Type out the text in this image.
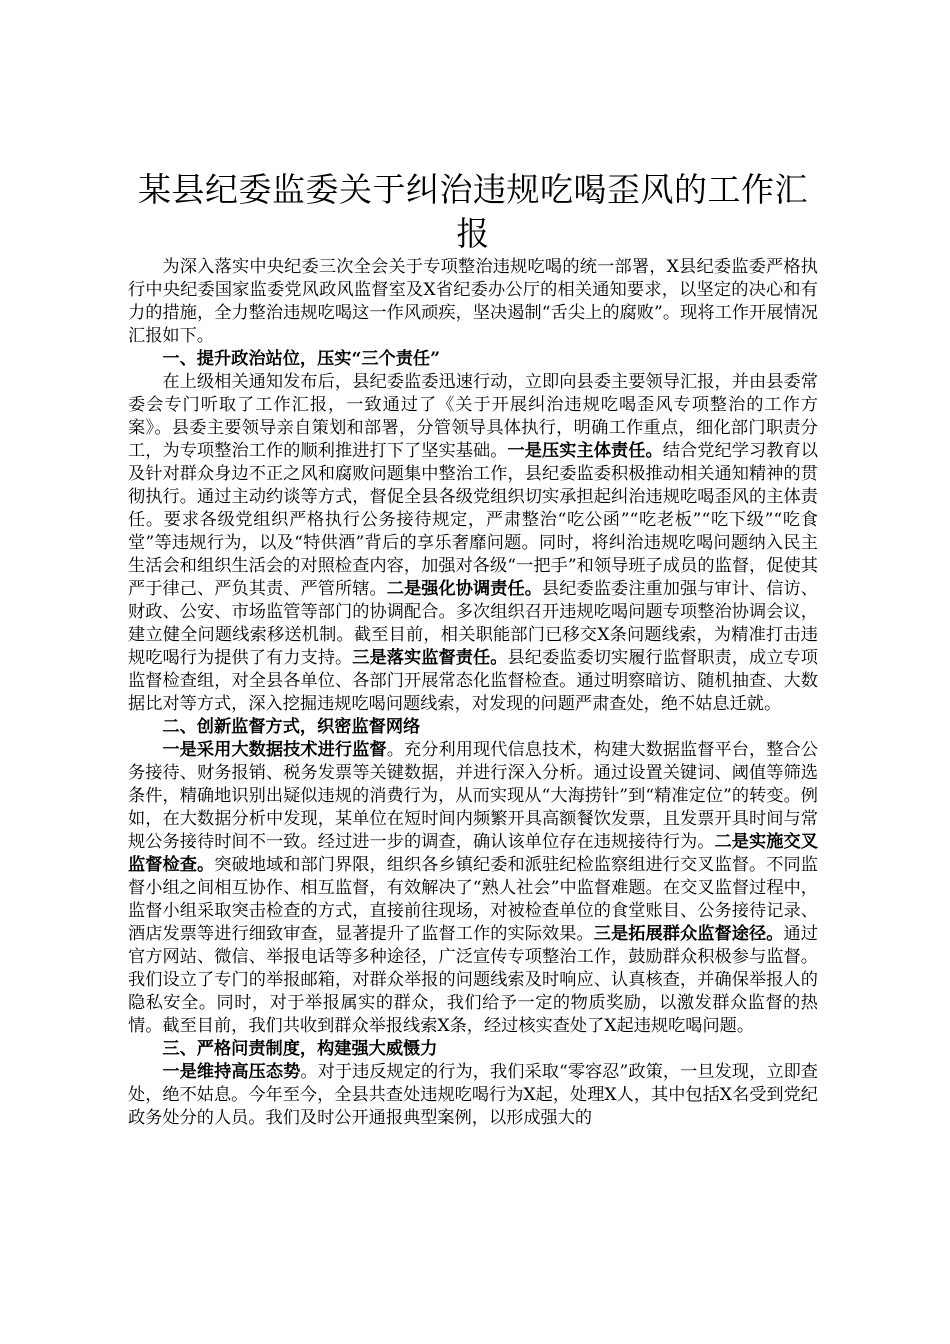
某县纪委监委关于纠治违规吃喝歪风的工作汇报

为深入落实中央纪委三次全会关于专项整治违规吃喝的统一部署，X县纪委监委严格执行中央纪委国家监委党风政风监督室及X省纪委办公厅的相关通知要求，以坚定的决心和有力的措施，全力整治违规吃喝这一作风顽疾，坚决遏制“舌尖上的腐败”。现将工作开展情况汇报如下。

一、提升政治站位，压实“三个责任”

在上级相关通知发布后，县纪委监委迅速行动，立即向县委主要领导汇报，并由县委常委会专门听取了工作汇报，一致通过了《关于开展纠治违规吃喝歪风专项整治的工作方案》。县委主要领导亲自策划和部署，分管领导具体执行，明确工作重点，细化部门职责分工，为专项整治工作的顺利推进打下了坚实基础。一是压实主体责任。结合党纪学习教育以及针对群众身边不正之风和腐败问题集中整治工作，县纪委监委积极推动相关通知精神的贯彻执行。通过主动约谈等方式，督促全县各级党组织切实承担起纠治违规吃喝歪风的主体责任。要求各级党组织严格执行公务接待规定，严肃整治“吃公函”“吃老板”“吃下级”“吃食堂”等违规行为，以及“特供酒”背后的享乐奢靡问题。同时，将纠治违规吃喝问题纳入民主生活会和组织生活会的对照检查内容，加强对各级“一把手”和领导班子成员的监督，促使其严于律己、严负其责、严管所辖。二是强化协调责任。县纪委监委注重加强与审计、信访、财政、公安、市场监管等部门的协调配合。多次组织召开违规吃喝问题专项整治协调会议，建立健全问题线索移送机制。截至目前，相关职能部门已移交X条问题线索，为精准打击违规吃喝行为提供了有力支持。三是落实监督责任。县纪委监委切实履行监督职责，成立专项监督检查组，对全县各单位、各部门开展常态化监督检查。通过明察暗访、随机抽查、大数据比对等方式，深入挖掘违规吃喝问题线索，对发现的问题严肃查处，绝不姑息迁就。

二、创新监督方式，织密监督网络

一是采用大数据技术进行监督。充分利用现代信息技术，构建大数据监督平台，整合公务接待、财务报销、税务发票等关键数据，并进行深入分析。通过设置关键词、阈值等筛选条件，精确地识别出疑似违规的消费行为，从而实现从“大海捞针”到“精准定位”的转变。例如，在大数据分析中发现，某单位在短时间内频繁开具高额餐饮发票，且发票开具时间与常规公务接待时间不一致。经过进一步的调查，确认该单位存在违规接待行为。二是实施交叉监督检查。突破地域和部门界限，组织各乡镇纪委和派驻纪检监察组进行交叉监督。不同监督小组之间相互协作、相互监督，有效解决了“熟人社会”中监督难题。在交叉监督过程中，监督小组采取突击检查的方式，直接前往现场，对被检查单位的食堂账目、公务接待记录、酒店发票等进行细致审查，显著提升了监督工作的实际效果。三是拓展群众监督途径。通过官方网站、微信、举报电话等多种途径，广泛宣传专项整治工作，鼓励群众积极参与监督。我们设立了专门的举报邮箱，对群众举报的问题线索及时响应、认真核查，并确保举报人的隐私安全。同时，对于举报属实的群众，我们给予一定的物质奖励，以激发群众监督的热情。截至目前，我们共收到群众举报线索X条，经过核实查处了X起违规吃喝问题。

三、严格问责制度，构建强大威慑力

一是维持高压态势。对于违反规定的行为，我们采取“零容忍”政策，一旦发现，立即查处，绝不姑息。今年至今，全县共查处违规吃喝行为X起，处理X人，其中包括X名受到党纪政务处分的人员。我们及时公开通报典型案例，以形成强大的
